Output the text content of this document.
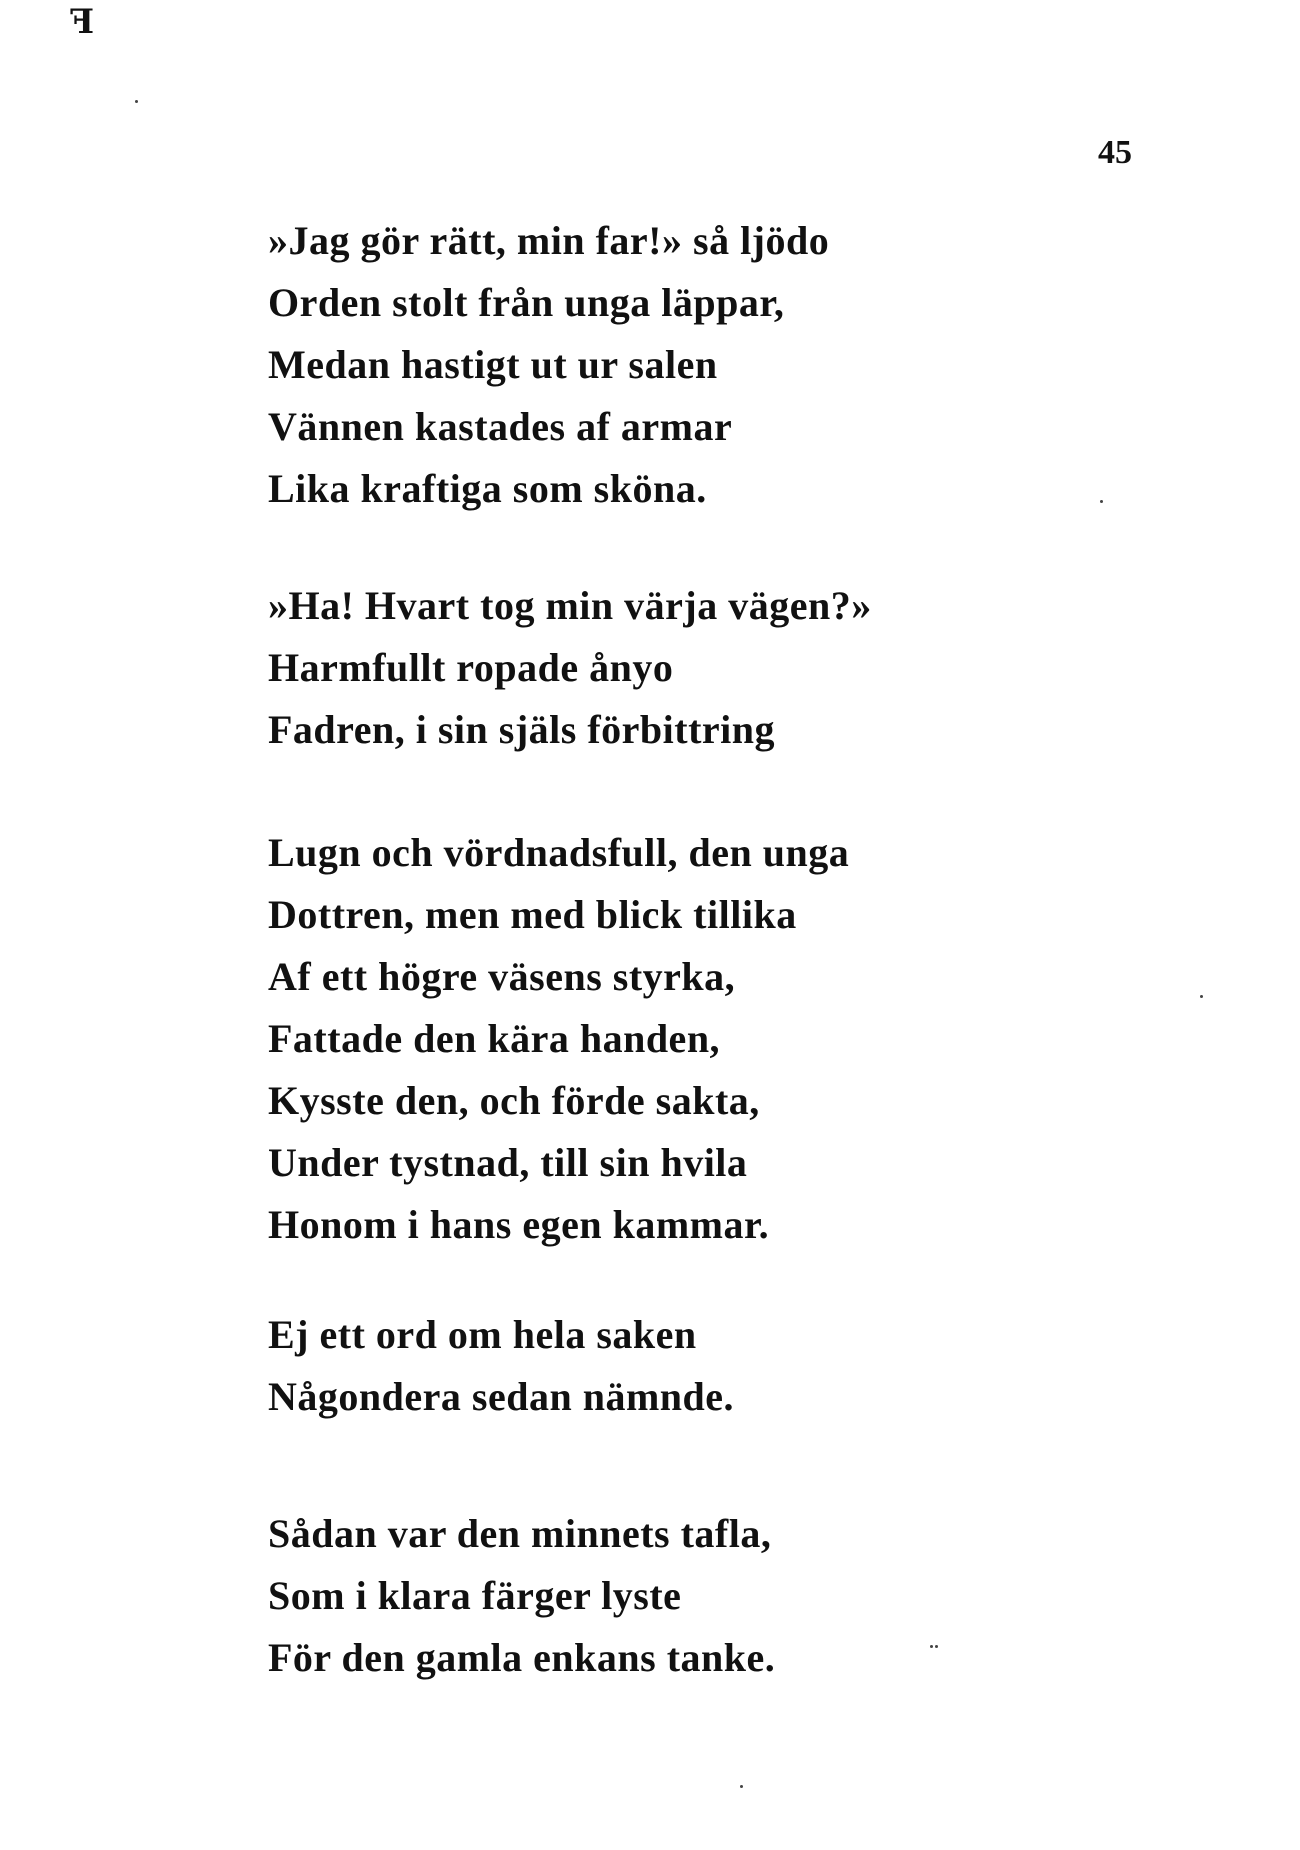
ꟻ
45
»Jag gör rätt, min far!» så ljödo
Orden stolt från unga läppar,
Medan hastigt ut ur salen
Vännen kastades af armar
Lika kraftiga som sköna.
»Ha! Hvart tog min värja vägen?»
Harmfullt ropade ånyo
Fadren, i sin själs förbittring
Lugn och vördnadsfull, den unga
Dottren, men med blick tillika
Af ett högre väsens styrka,
Fattade den kära handen,
Kysste den, och förde sakta,
Under tystnad, till sin hvila
Honom i hans egen kammar.
Ej ett ord om hela saken
Någondera sedan nämnde.
Sådan var den minnets tafla,
Som i klara färger lyste
För den gamla enkans tanke.
